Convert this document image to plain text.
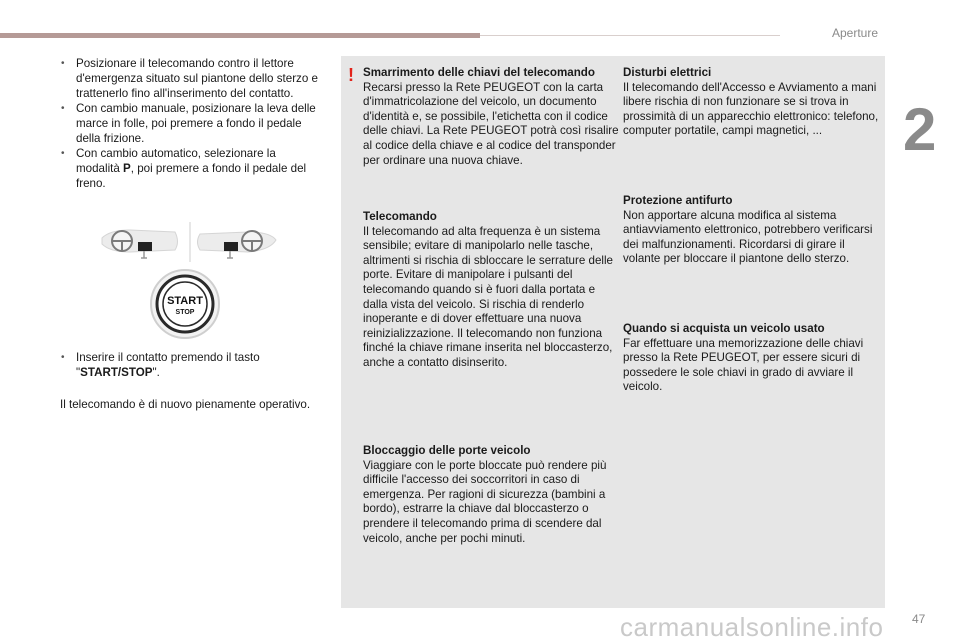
Aperture
2
• Posizionare il telecomando contro il lettore d'emergenza situato sul piantone dello sterzo e trattenerlo fino all'inserimento del contatto.
• Con cambio manuale, posizionare la leva delle marce in folle, poi premere a fondo il pedale della frizione.
• Con cambio automatico, selezionare la modalità P, poi premere a fondo il pedale del freno.
START
STOP
• Inserire il contatto premendo il tasto "START/STOP".
Il telecomando è di nuovo pienamente operativo.
! Smarrimento delle chiavi del telecomando
Recarsi presso la Rete PEUGEOT con la carta d'immatricolazione del veicolo, un documento d'identità e, se possibile, l'etichetta con il codice delle chiavi. La Rete PEUGEOT potrà così risalire al codice della chiave e al codice del transponder per ordinare una nuova chiave.
Telecomando
Il telecomando ad alta frequenza è un sistema sensibile; evitare di manipolarlo nelle tasche, altrimenti si rischia di sbloccare le serrature delle porte. Evitare di manipolare i pulsanti del telecomando quando si è fuori dalla portata e dalla vista del veicolo. Si rischia di renderlo inoperante e di dover effettuare una nuova reinizializzazione. Il telecomando non funziona finché la chiave rimane inserita nel bloccasterzo, anche a contatto disinserito.
Bloccaggio delle porte veicolo
Viaggiare con le porte bloccate può rendere più difficile l'accesso dei soccorritori in caso di emergenza. Per ragioni di sicurezza (bambini a bordo), estrarre la chiave dal bloccasterzo o prendere il telecomando prima di scendere dal veicolo, anche per pochi minuti.
Disturbi elettrici
Il telecomando dell'Accesso e Avviamento a mani libere rischia di non funzionare se si trova in prossimità di un apparecchio elettronico: telefono, computer portatile, campi magnetici, ...
Protezione antifurto
Non apportare alcuna modifica al sistema antiavviamento elettronico, potrebbero verificarsi dei malfunzionamenti. Ricordarsi di girare il volante per bloccare il piantone dello sterzo.
Quando si acquista un veicolo usato
Far effettuare una memorizzazione delle chiavi presso la Rete PEUGEOT, per essere sicuri di possedere le sole chiavi in grado di avviare il veicolo.
carmanualsonline.info 47
